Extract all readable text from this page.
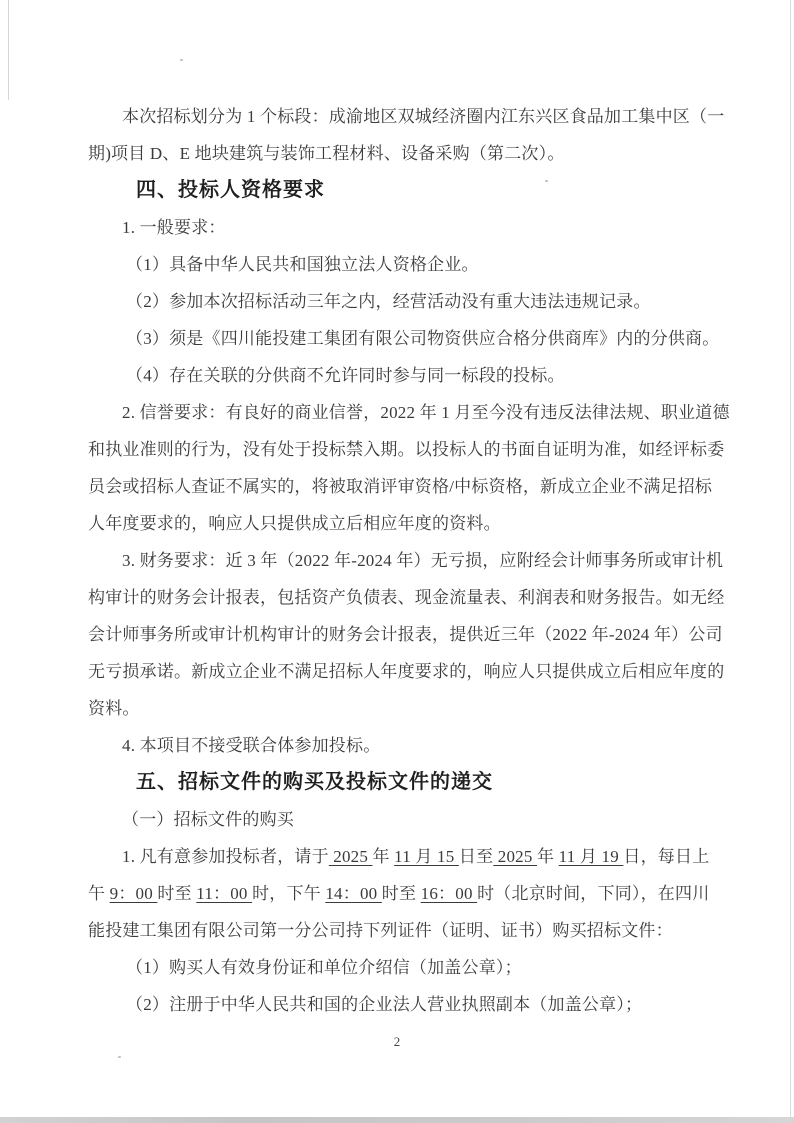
本次招标划分为 1 个标段：成渝地区双城经济圈内江东兴区食品加工集中区（一
期)项目 D、E 地块建筑与装饰工程材料、设备采购（第二次）。
四、投标人资格要求
1. 一般要求：
（1）具备中华人民共和国独立法人资格企业。
（2）参加本次招标活动三年之内，经营活动没有重大违法违规记录。
（3）须是《四川能投建工集团有限公司物资供应合格分供商库》内的分供商。
（4）存在关联的分供商不允许同时参与同一标段的投标。
2. 信誉要求：有良好的商业信誉，2022 年 1 月至今没有违反法律法规、职业道德
和执业准则的行为，没有处于投标禁入期。以投标人的书面自证明为准，如经评标委
员会或招标人查证不属实的，将被取消评审资格/中标资格，新成立企业不满足招标
人年度要求的，响应人只提供成立后相应年度的资料。
3. 财务要求：近 3 年（2022 年-2024 年）无亏损，应附经会计师事务所或审计机
构审计的财务会计报表，包括资产负债表、现金流量表、利润表和财务报告。如无经
会计师事务所或审计机构审计的财务会计报表，提供近三年（2022 年-2024 年）公司
无亏损承诺。新成立企业不满足招标人年度要求的，响应人只提供成立后相应年度的
资料。
4. 本项目不接受联合体参加投标。
五、招标文件的购买及投标文件的递交
（一）招标文件的购买
1. 凡有意参加投标者，请于 2025 年 11 月 15 日至 2025 年 11 月 19 日，每日上
午 9：00 时至 11：00 时，下午 14：00 时至 16：00 时（北京时间，下同），在四川
能投建工集团有限公司第一分公司持下列证件（证明、证书）购买招标文件：
（1）购买人有效身份证和单位介绍信（加盖公章）；
（2）注册于中华人民共和国的企业法人营业执照副本（加盖公章）；
2
